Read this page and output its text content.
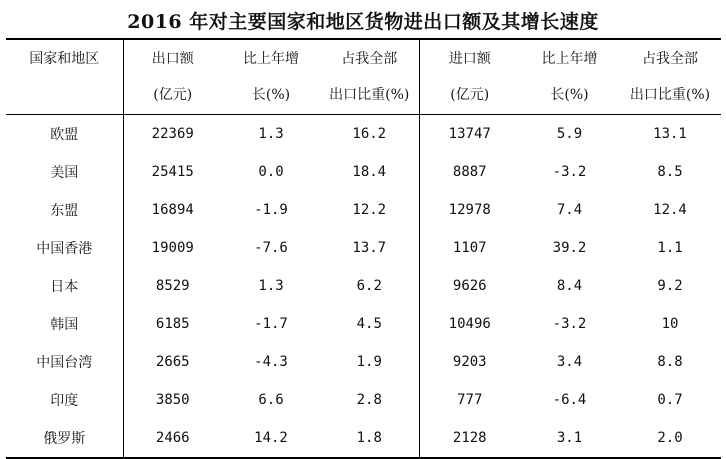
2016 年对主要国家和地区货物进出口额及其增长速度
国家和地区	出口额	比上年增	占我全部	进口额	比上年增	占我全部
	(亿元)	长(%)	出口比重(%)	(亿元)	长(%)	出口比重(%)
欧盟	22369	1.3	16.2	13747	5.9	13.1
美国	25415	0.0	18.4	8887	-3.2	8.5
东盟	16894	-1.9	12.2	12978	7.4	12.4
中国香港	19009	-7.6	13.7	1107	39.2	1.1
日本	8529	1.3	6.2	9626	8.4	9.2
韩国	6185	-1.7	4.5	10496	-3.2	10
中国台湾	2665	-4.3	1.9	9203	3.4	8.8
印度	3850	6.6	2.8	777	-6.4	0.7
俄罗斯	2466	14.2	1.8	2128	3.1	2.0
